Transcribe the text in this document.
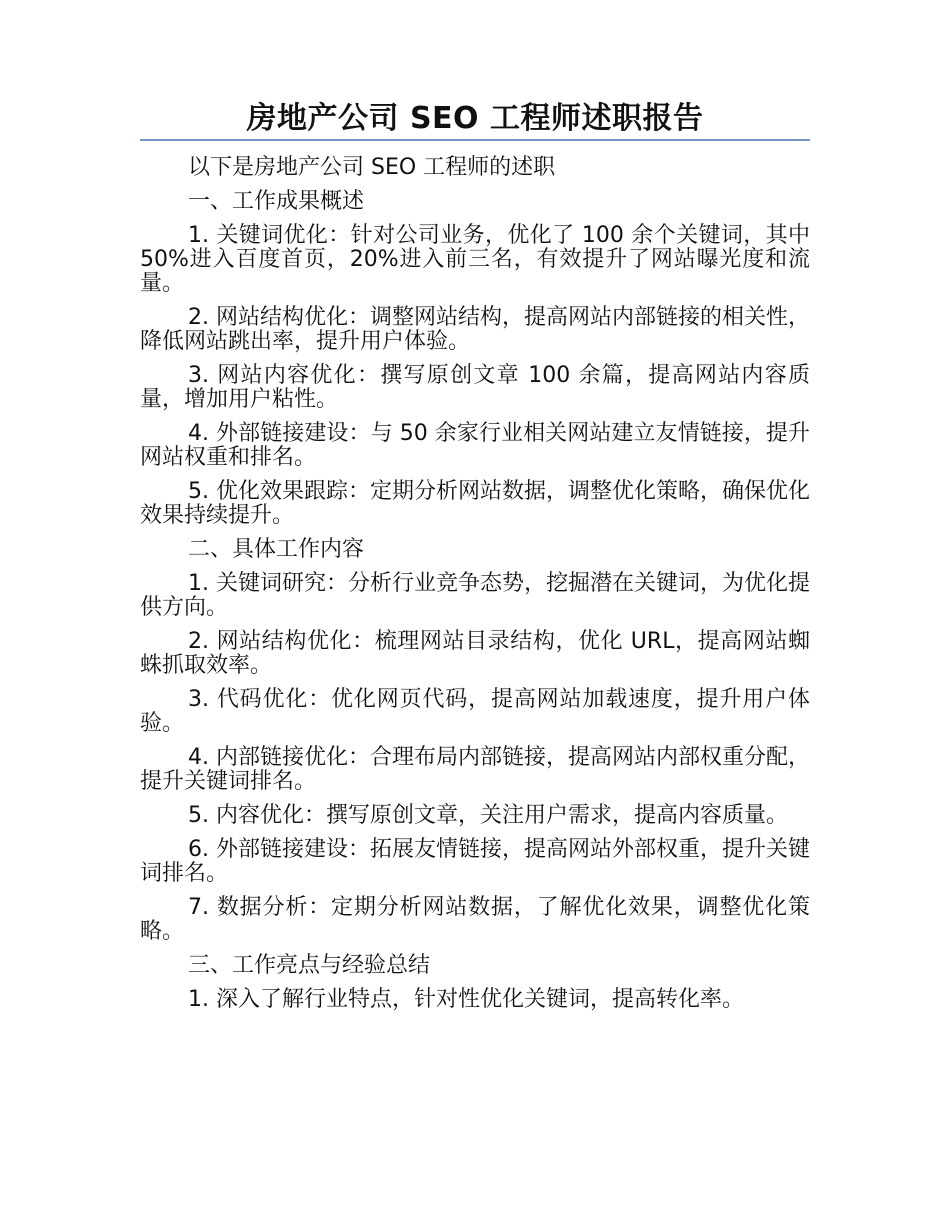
房地产公司 SEO 工程师述职报告

以下是房地产公司 SEO 工程师的述职

一、工作成果概述

1. 关键词优化：针对公司业务，优化了 100 余个关键词，其中 50%进入百度首页，20%进入前三名，有效提升了网站曝光度和流量。

2. 网站结构优化：调整网站结构，提高网站内部链接的相关性，降低网站跳出率，提升用户体验。

3. 网站内容优化：撰写原创文章 100 余篇，提高网站内容质量，增加用户粘性。

4. 外部链接建设：与 50 余家行业相关网站建立友情链接，提升网站权重和排名。

5. 优化效果跟踪：定期分析网站数据，调整优化策略，确保优化效果持续提升。

二、具体工作内容

1. 关键词研究：分析行业竞争态势，挖掘潜在关键词，为优化提供方向。

2. 网站结构优化：梳理网站目录结构，优化 URL，提高网站蜘蛛抓取效率。

3. 代码优化：优化网页代码，提高网站加载速度，提升用户体验。

4. 内部链接优化：合理布局内部链接，提高网站内部权重分配，提升关键词排名。

5. 内容优化：撰写原创文章，关注用户需求，提高内容质量。

6. 外部链接建设：拓展友情链接，提高网站外部权重，提升关键词排名。

7. 数据分析：定期分析网站数据，了解优化效果，调整优化策略。

三、工作亮点与经验总结

1. 深入了解行业特点，针对性优化关键词，提高转化率。
